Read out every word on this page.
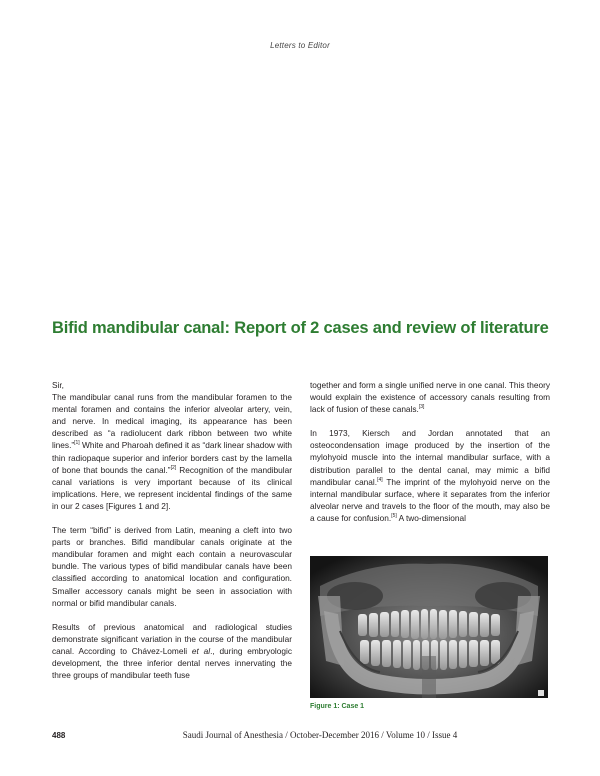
Letters to Editor
Bifid mandibular canal: Report of 2 cases and review of literature

Sir,

The mandibular canal runs from the mandibular foramen to the mental foramen and contains the inferior alveolar artery, vein, and nerve. In medical imaging, its appearance has been described as “a radiolucent dark ribbon between two white lines.”[1] White and Pharoah defined it as “dark linear shadow with thin radiopaque superior and inferior borders cast by the lamella of bone that bounds the canal.”[2] Recognition of the mandibular canal variations is very important because of its clinical implications. Here, we represent incidental findings of the same in our 2 cases [Figures 1 and 2].

The term “bifid” is derived from Latin, meaning a cleft into two parts or branches. Bifid mandibular canals originate at the mandibular foramen and might each contain a neurovascular bundle. The various types of bifid mandibular canals have been classified according to anatomical location and configuration. Smaller accessory canals might be seen in association with normal or bifid mandibular canals.

Results of previous anatomical and radiological studies demonstrate significant variation in the course of the mandibular canal. According to Chávez-Lomeli et al., during embryologic development, the three inferior dental nerves innervating the three groups of mandibular teeth fuse

together and form a single unified nerve in one canal. This theory would explain the existence of accessory canals resulting from lack of fusion of these canals.[3]

In 1973, Kiersch and Jordan annotated that an osteocondensation image produced by the insertion of the mylohyoid muscle into the internal mandibular surface, with a distribution parallel to the dental canal, may mimic a bifid mandibular canal.[4] The imprint of the mylohyoid nerve on the internal mandibular surface, where it separates from the inferior alveolar nerve and travels to the floor of the mouth, may also be a cause for confusion.[5] A two-dimensional

Figure 1: Case 1
488	Saudi Journal of Anesthesia / October-December 2016 / Volume 10 / Issue 4
